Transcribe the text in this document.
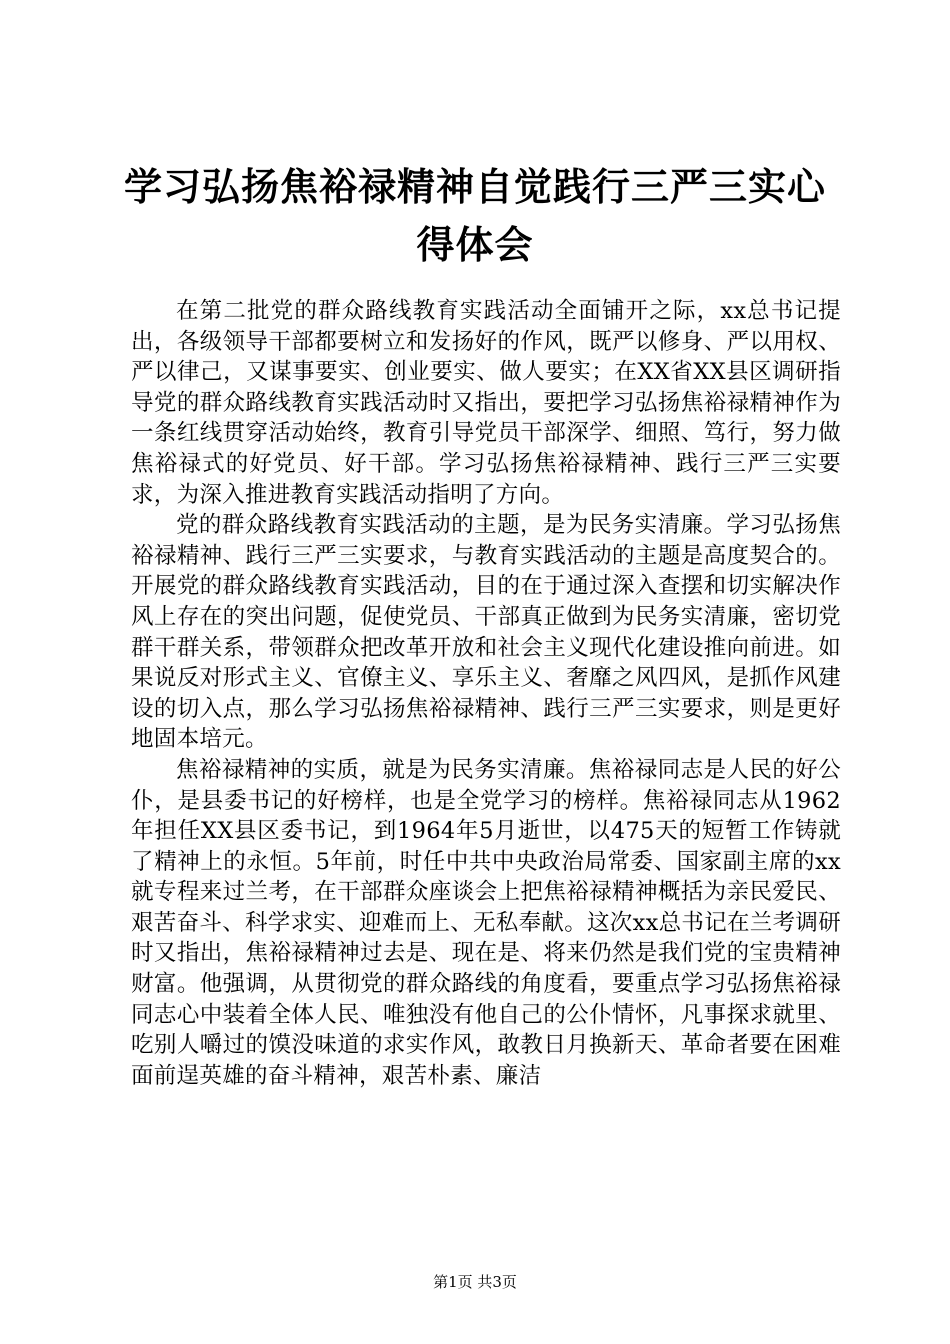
学习弘扬焦裕禄精神自觉践行三严三实心得体会

在第二批党的群众路线教育实践活动全面铺开之际，xx总书记提出，各级领导干部都要树立和发扬好的作风，既严以修身、严以用权、严以律己，又谋事要实、创业要实、做人要实；在XX省XX县区调研指导党的群众路线教育实践活动时又指出，要把学习弘扬焦裕禄精神作为一条红线贯穿活动始终，教育引导党员干部深学、细照、笃行，努力做焦裕禄式的好党员、好干部。学习弘扬焦裕禄精神、践行三严三实要求，为深入推进教育实践活动指明了方向。

党的群众路线教育实践活动的主题，是为民务实清廉。学习弘扬焦裕禄精神、践行三严三实要求，与教育实践活动的主题是高度契合的。开展党的群众路线教育实践活动，目的在于通过深入查摆和切实解决作风上存在的突出问题，促使党员、干部真正做到为民务实清廉，密切党群干群关系，带领群众把改革开放和社会主义现代化建设推向前进。如果说反对形式主义、官僚主义、享乐主义、奢靡之风四风，是抓作风建设的切入点，那么学习弘扬焦裕禄精神、践行三严三实要求，则是更好地固本培元。

焦裕禄精神的实质，就是为民务实清廉。焦裕禄同志是人民的好公仆，是县委书记的好榜样，也是全党学习的榜样。焦裕禄同志从1962年担任XX县区委书记，到1964年5月逝世，以475天的短暂工作铸就了精神上的永恒。5年前，时任中共中央政治局常委、国家副主席的xx就专程来过兰考，在干部群众座谈会上把焦裕禄精神概括为亲民爱民、艰苦奋斗、科学求实、迎难而上、无私奉献。这次xx总书记在兰考调研时又指出，焦裕禄精神过去是、现在是、将来仍然是我们党的宝贵精神财富。他强调，从贯彻党的群众路线的角度看，要重点学习弘扬焦裕禄同志心中装着全体人民、唯独没有他自己的公仆情怀，凡事探求就里、吃别人嚼过的馍没味道的求实作风，敢教日月换新天、革命者要在困难面前逞英雄的奋斗精神，艰苦朴素、廉洁

第1页 共3页
